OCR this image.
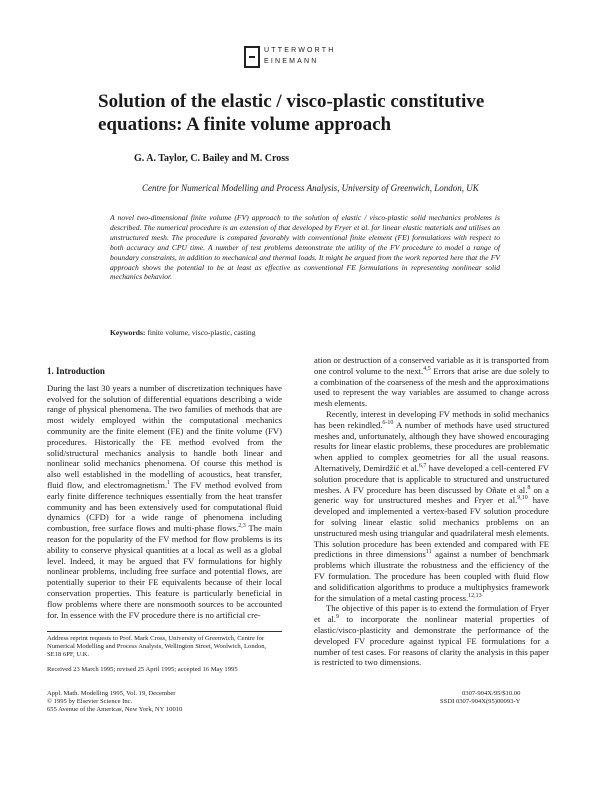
UTTERWORTH
EINEMANN
Solution of the elastic / visco-plastic constitutive equations: A finite volume approach
G. A. Taylor, C. Bailey and M. Cross
Centre for Numerical Modelling and Process Analysis, University of Greenwich, London, UK

A novel two-dimensional finite volume (FV) approach to the solution of elastic / visco-plastic solid mechanics problems is described. The numerical procedure is an extension of that developed by Fryer et al. for linear elastic materials and utilises an unstructured mesh. The procedure is compared favorably with conventional finite element (FE) formulations with respect to both accuracy and CPU time. A number of test problems demonstrate the utility of the FV procedure to model a range of boundary constraints, in addition to mechanical and thermal loads. It might be argued from the work reported here that the FV approach shows the potential to be at least as effective as conventional FE formulations in representing nonlinear solid mechanics behavior.

Keywords: finite volume, visco-plastic, casting
1. Introduction

During the last 30 years a number of discretization techniques have evolved for the solution of differential equations describing a wide range of physical phenomena. The two families of methods that are most widely employed within the computational mechanics community are the finite element (FE) and the finite volume (FV) procedures. Historically the FE method evolved from the solid/structural mechanics analysis to handle both linear and nonlinear solid mechanics phenomena. Of course this method is also well established in the modelling of acoustics, heat transfer, fluid flow, and electromagnetism.$^1$ The FV method evolved from early finite difference techniques essentially from the heat transfer community and has been extensively used for computational fluid dynamics (CFD) for a wide range of phenomena including combustion, free surface flows and multi-phase flows.$^{2,3}$ The main reason for the popularity of the FV method for flow problems is its ability to conserve physical quantities at a local as well as a global level. Indeed, it may be argued that FV formulations for highly nonlinear problems, including free surface and potential flows, are potentially superior to their FE equivalents because of their local conservation properties. This feature is particularly beneficial in flow problems where there are nonsmooth sources to be accounted for. In essence with the FV procedure there is no artificial cre-

ation or destruction of a conserved variable as it is transported from one control volume to the next.$^{4,5}$ Errors that arise are due solely to a combination of the coarseness of the mesh and the approximations used to represent the way variables are assumed to change across mesh elements.

Recently, interest in developing FV methods in solid mechanics has been rekindled.$^{6-10}$ A number of methods have used structured meshes and, unfortunately, although they have showed encouraging results for linear elastic problems, these procedures are problematic when applied to complex geometries for all the usual reasons. Alternatively, Demirdžić et al.$^{6,7}$ have developed a cell-centered FV solution procedure that is applicable to structured and unstructured meshes. A FV procedure has been discussed by Oñate et al.$^8$ on a generic way for unstructured meshes and Fryer et al.$^{9,10}$ have developed and implemented a vertex-based FV solution procedure for solving linear elastic solid mechanics problems on an unstructured mesh using triangular and quadrilateral mesh elements. This solution procedure has been extended and compared with FE predictions in three dimensions$^{11}$ against a number of benchmark problems which illustrate the robustness and the efficiency of the FV formulation. The procedure has been coupled with fluid flow and solidification algorithms to produce a multiphysics framework for the simulation of a metal casting process.$^{12,13}$

The objective of this paper is to extend the formulation of Fryer et al.$^9$ to incorporate the nonlinear material properties of elastic/visco-plasticity and demonstrate the performance of the developed FV procedure against typical FE formulations for a number of test cases. For reasons of clarity the analysis in this paper is restricted to two dimensions.

Address reprint requests to Prof. Mark Cross, University of Greenwich, Centre for Numerical Modelling and Process Analysis, Wellington Street, Woolwich, London, SE18 6PF, U.K.
Received 23 March 1995; revised 25 April 1995; accepted 16 May 1995
Appl. Math. Modelling 1995, Vol. 19, December
© 1995 by Elsevier Science Inc.
655 Avenue of the Americas, New York, NY 10010
0307-904X/95/$10.00
SSDI 0307-904X(95)00093-Y
